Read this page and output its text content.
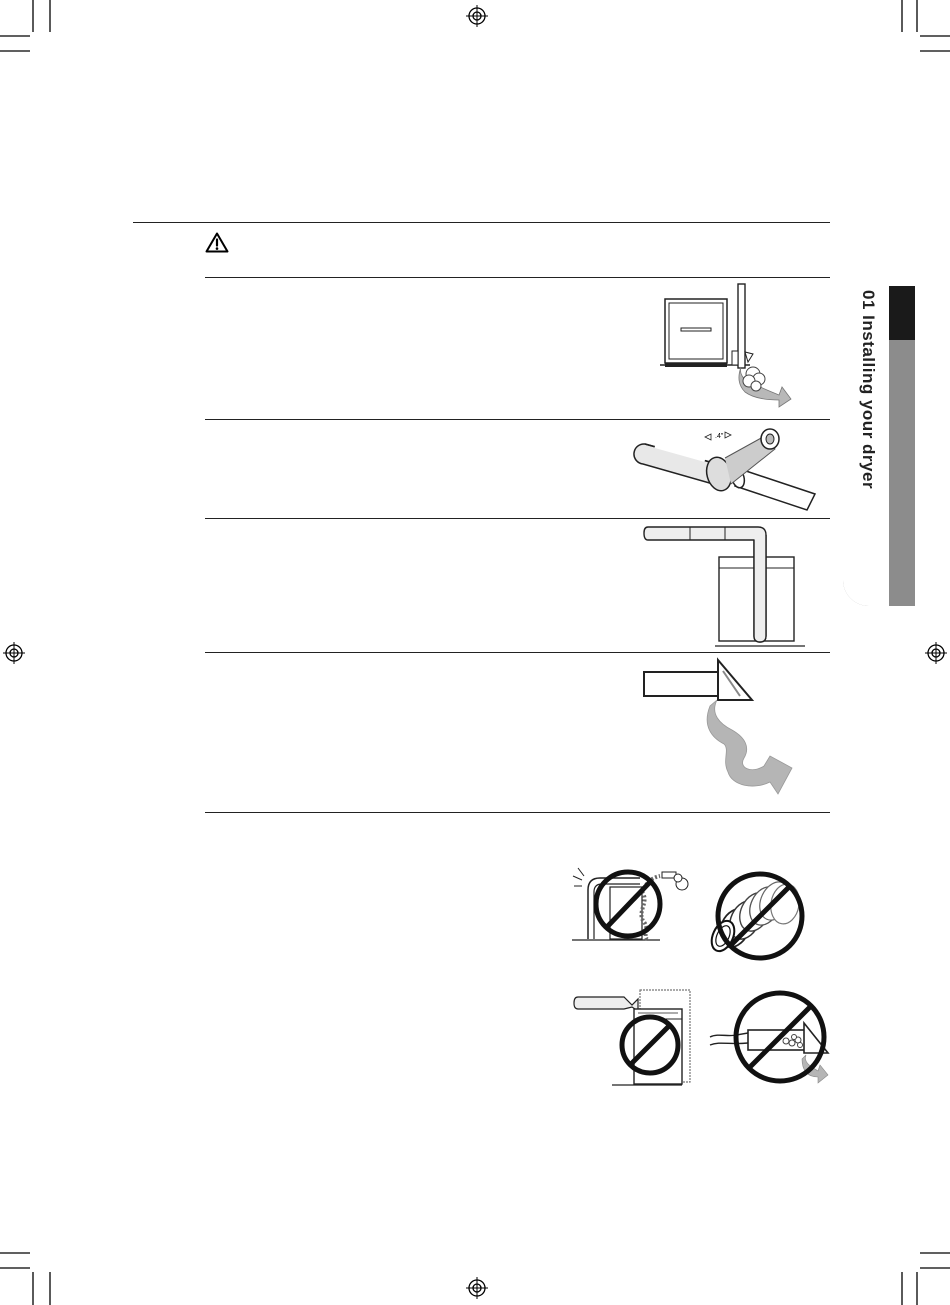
01 Installing your dryer
.4"
